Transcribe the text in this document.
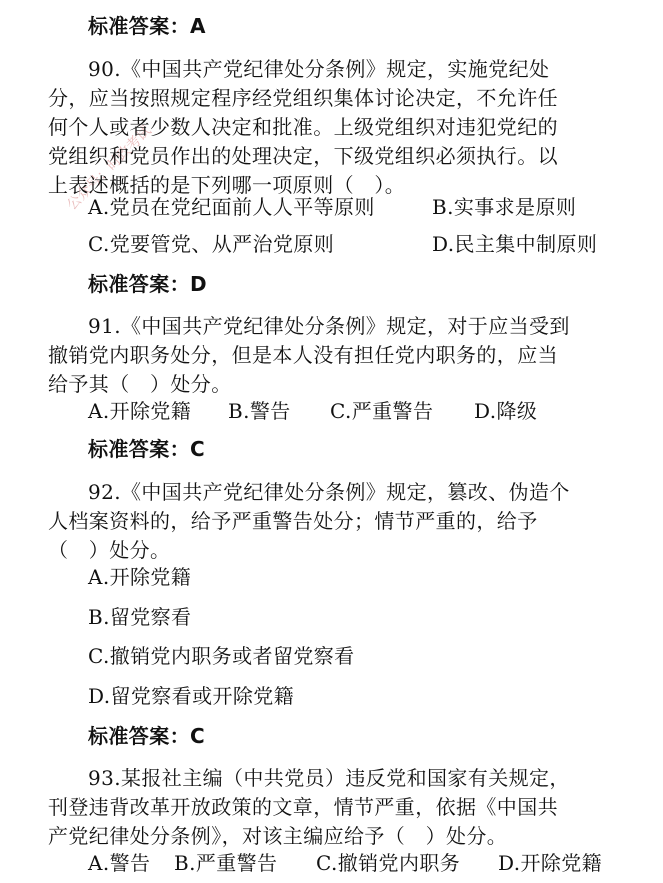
公众号：时政考试
标准答案：A
90.《中国共产党纪律处分条例》规定，实施党纪处
分，应当按照规定程序经党组织集体讨论决定，不允许任
何个人或者少数人决定和批准。上级党组织对违犯党纪的
党组织和党员作出的处理决定，下级党组织必须执行。以
上表述概括的是下列哪一项原则（　）。
A.党员在党纪面前人人平等原则	B.实事求是原则
C.党要管党、从严治党原则	D.民主集中制原则
标准答案：D
91.《中国共产党纪律处分条例》规定，对于应当受到
撤销党内职务处分，但是本人没有担任党内职务的，应当
给予其（　）处分。
A.开除党籍 B.警告 C.严重警告 D.降级
标准答案：C
92.《中国共产党纪律处分条例》规定，篡改、伪造个
人档案资料的，给予严重警告处分；情节严重的，给予
（　）处分。
A.开除党籍
B.留党察看
C.撤销党内职务或者留党察看
D.留党察看或开除党籍
标准答案：C
93.某报社主编（中共党员）违反党和国家有关规定，
刊登违背改革开放政策的文章，情节严重，依据《中国共
产党纪律处分条例》，对该主编应给予（　）处分。
A.警告 B.严重警告 C.撤销党内职务 D.开除党籍
